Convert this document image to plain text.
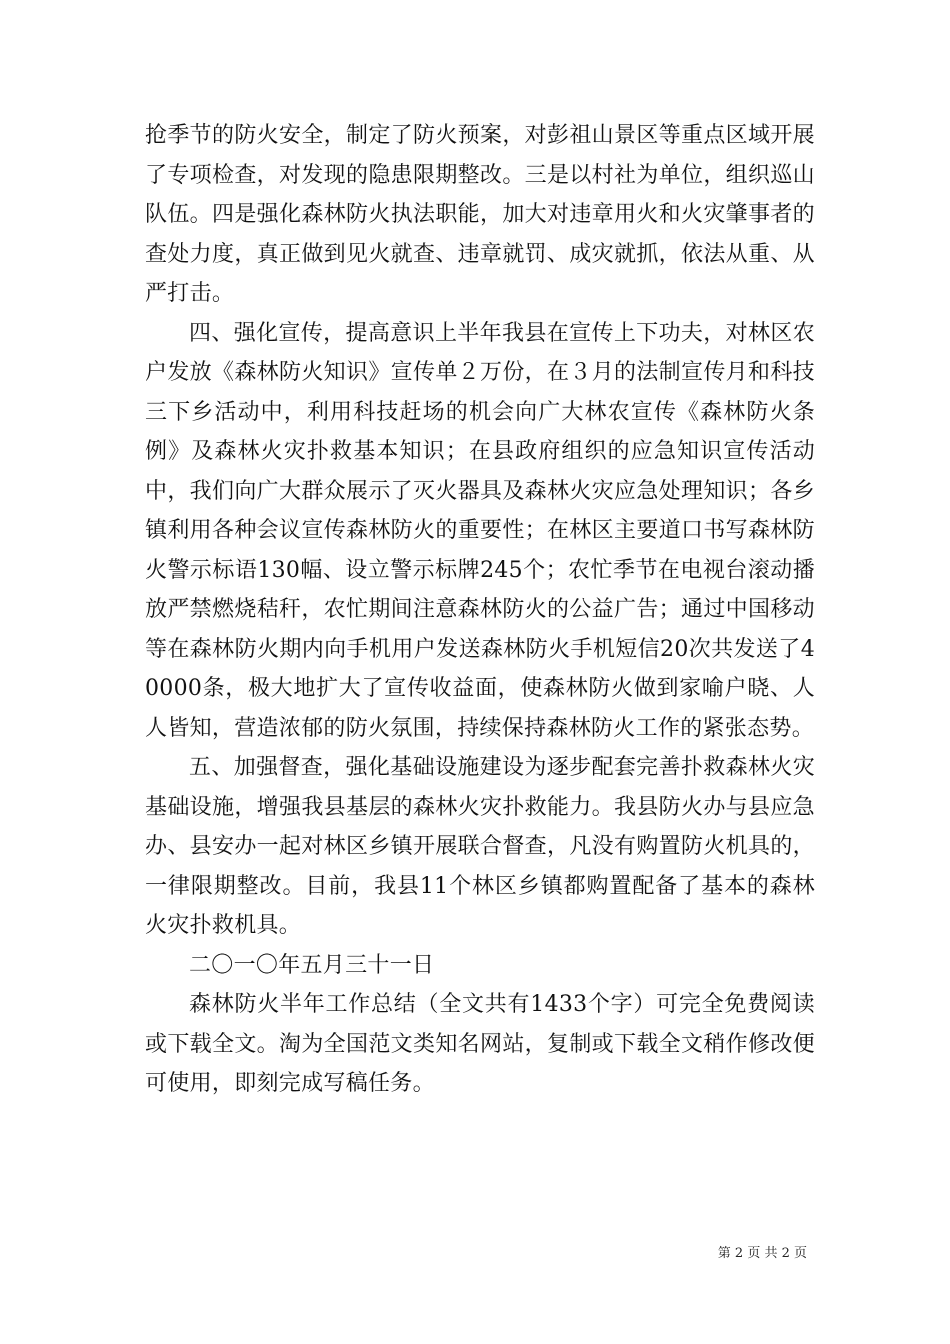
抢季节的防火安全，制定了防火预案，对彭祖山景区等重点区域开展了专项检查，对发现的隐患限期整改。三是以村社为单位，组织巡山队伍。四是强化森林防火执法职能，加大对违章用火和火灾肇事者的查处力度，真正做到见火就查、违章就罚、成灾就抓，依法从重、从严打击。

四、强化宣传，提高意识上半年我县在宣传上下功夫，对林区农户发放《森林防火知识》宣传单２万份，在３月的法制宣传月和科技三下乡活动中，利用科技赶场的机会向广大林农宣传《森林防火条例》及森林火灾扑救基本知识；在县政府组织的应急知识宣传活动中，我们向广大群众展示了灭火器具及森林火灾应急处理知识；各乡镇利用各种会议宣传森林防火的重要性；在林区主要道口书写森林防火警示标语130幅、设立警示标牌245个；农忙季节在电视台滚动播放严禁燃烧秸秆，农忙期间注意森林防火的公益广告；通过中国移动等在森林防火期内向手机用户发送森林防火手机短信20次共发送了40000条，极大地扩大了宣传收益面，使森林防火做到家喻户晓、人人皆知，营造浓郁的防火氛围，持续保持森林防火工作的紧张态势。

五、加强督查，强化基础设施建设为逐步配套完善扑救森林火灾基础设施，增强我县基层的森林火灾扑救能力。我县防火办与县应急办、县安办一起对林区乡镇开展联合督查，凡没有购置防火机具的，一律限期整改。目前，我县11个林区乡镇都购置配备了基本的森林火灾扑救机具。

二〇一〇年五月三十一日

森林防火半年工作总结（全文共有1433个字）可完全免费阅读或下载全文。淘为全国范文类知名网站，复制或下载全文稍作修改便可使用，即刻完成写稿任务。

第 2 页 共 2 页
